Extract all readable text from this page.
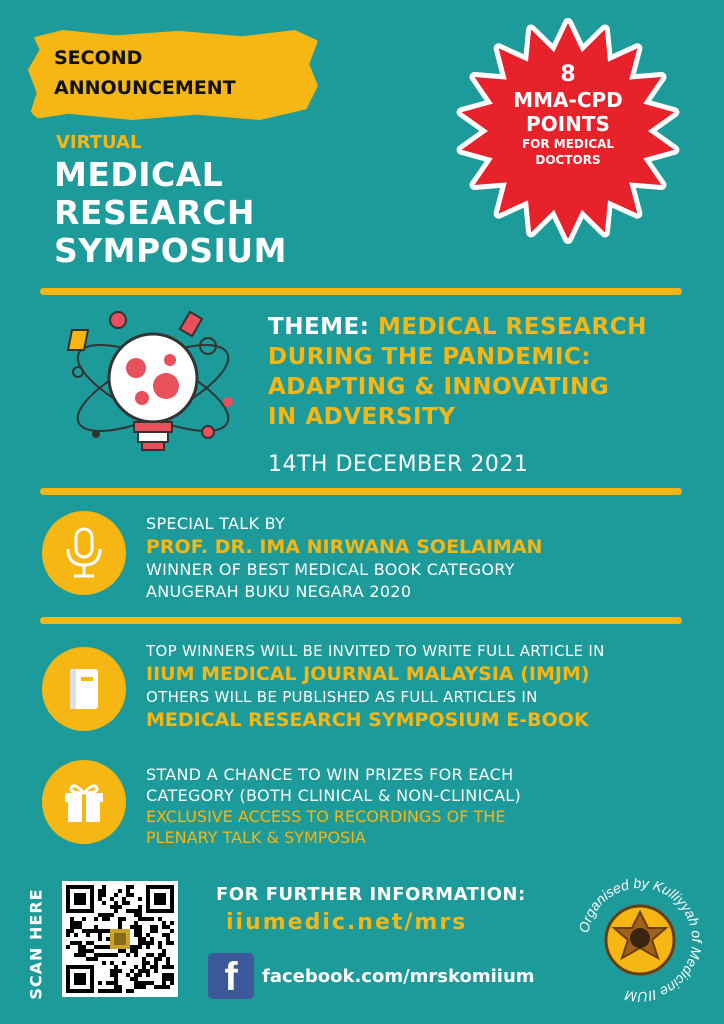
SECOND
ANNOUNCEMENT
VIRTUAL
MEDICAL
RESEARCH
SYMPOSIUM
8
MMA-CPD
POINTS
FOR MEDICAL
DOCTORS
THEME: MEDICAL RESEARCH
DURING THE PANDEMIC:
ADAPTING & INNOVATING
IN ADVERSITY
14TH DECEMBER 2021
SPECIAL TALK BY
PROF. DR. IMA NIRWANA SOELAIMAN
WINNER OF BEST MEDICAL BOOK CATEGORY
ANUGERAH BUKU NEGARA 2020
TOP WINNERS WILL BE INVITED TO WRITE FULL ARTICLE IN
IIUM MEDICAL JOURNAL MALAYSIA (IMJM)
OTHERS WILL BE PUBLISHED AS FULL ARTICLES IN
MEDICAL RESEARCH SYMPOSIUM E-BOOK
STAND A CHANCE TO WIN PRIZES FOR EACH
CATEGORY (BOTH CLINICAL & NON-CLINICAL)
EXCLUSIVE ACCESS TO RECORDINGS OF THE
PLENARY TALK & SYMPOSIA
SCAN HERE	FOR FURTHER INFORMATION:
iiumedic.net/mrs
f facebook.com/mrskomiium
Organised by Kulliyyah of Medicine IIUM
